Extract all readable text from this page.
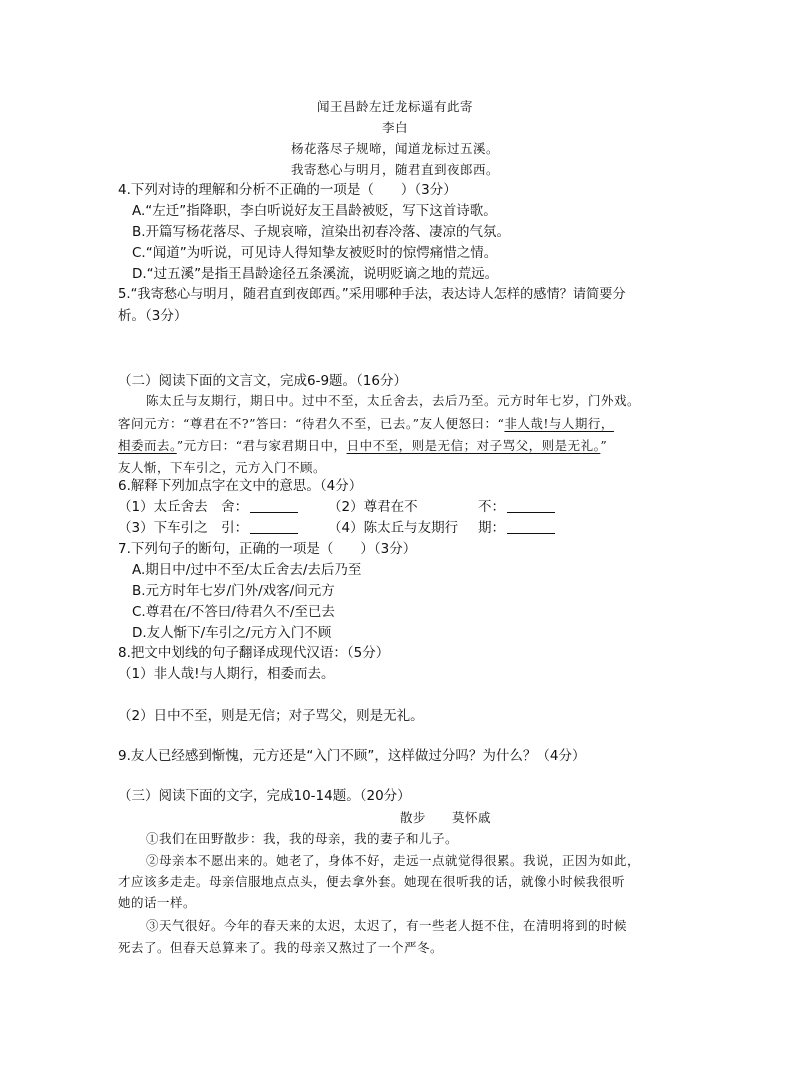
闻王昌龄左迁龙标遥有此寄
李白
杨花落尽子规啼，闻道龙标过五溪。
我寄愁心与明月，随君直到夜郎西。
4.下列对诗的理解和分析不正确的一项是（　　）（3分）
A.“左迁”指降职，李白听说好友王昌龄被贬，写下这首诗歌。
B.开篇写杨花落尽、子规哀啼，渲染出初春冷落、凄凉的气氛。
C.“闻道”为听说，可见诗人得知挚友被贬时的惊愕痛惜之情。
D.“过五溪”是指王昌龄途径五条溪流，说明贬谪之地的荒远。
5.“我寄愁心与明月，随君直到夜郎西。”采用哪种手法，表达诗人怎样的感情？请简要分
析。（3分）
（二）阅读下面的文言文，完成6-9题。（16分）
陈太丘与友期行，期日中。过中不至，太丘舍去，去后乃至。元方时年七岁，门外戏。
客问元方：“尊君在不?”答曰：“待君久不至，已去。”友人便怒曰：“非人哉!与人期行，
相委而去。”元方曰：“君与家君期日中，日中不至，则是无信；对子骂父，则是无礼。”
友人惭，下车引之，元方入门不顾。
6.解释下列加点字在文中的意思。（4分）
（1）太丘舍去　舍：	（2）尊君在不	不：
（3）下车引之　引：	（4）陈太丘与友期行 期：
7.下列句子的断句，正确的一项是（　　）（3分）
A.期日中/过中不至/太丘舍去/去后乃至
B.元方时年七岁/门外/戏客/问元方
C.尊君在/不答曰/待君久不/至已去
D.友人惭下/车引之/元方入门不顾
8.把文中划线的句子翻译成现代汉语：（5分）
（1）非人哉!与人期行，相委而去。
（2）日中不至，则是无信；对子骂父，则是无礼。
9.友人已经感到惭愧，元方还是“入门不顾”，这样做过分吗？为什么？（4分）
（三）阅读下面的文字，完成10-14题。（20分）
散步　　莫怀戚
①我们在田野散步：我，我的母亲，我的妻子和儿子。
②母亲本不愿出来的。她老了，身体不好，走远一点就觉得很累。我说，正因为如此，
才应该多走走。母亲信服地点点头，便去拿外套。她现在很听我的话，就像小时候我很听
她的话一样。
③天气很好。今年的春天来的太迟，太迟了，有一些老人挺不住，在清明将到的时候
死去了。但春天总算来了。我的母亲又熬过了一个严冬。
